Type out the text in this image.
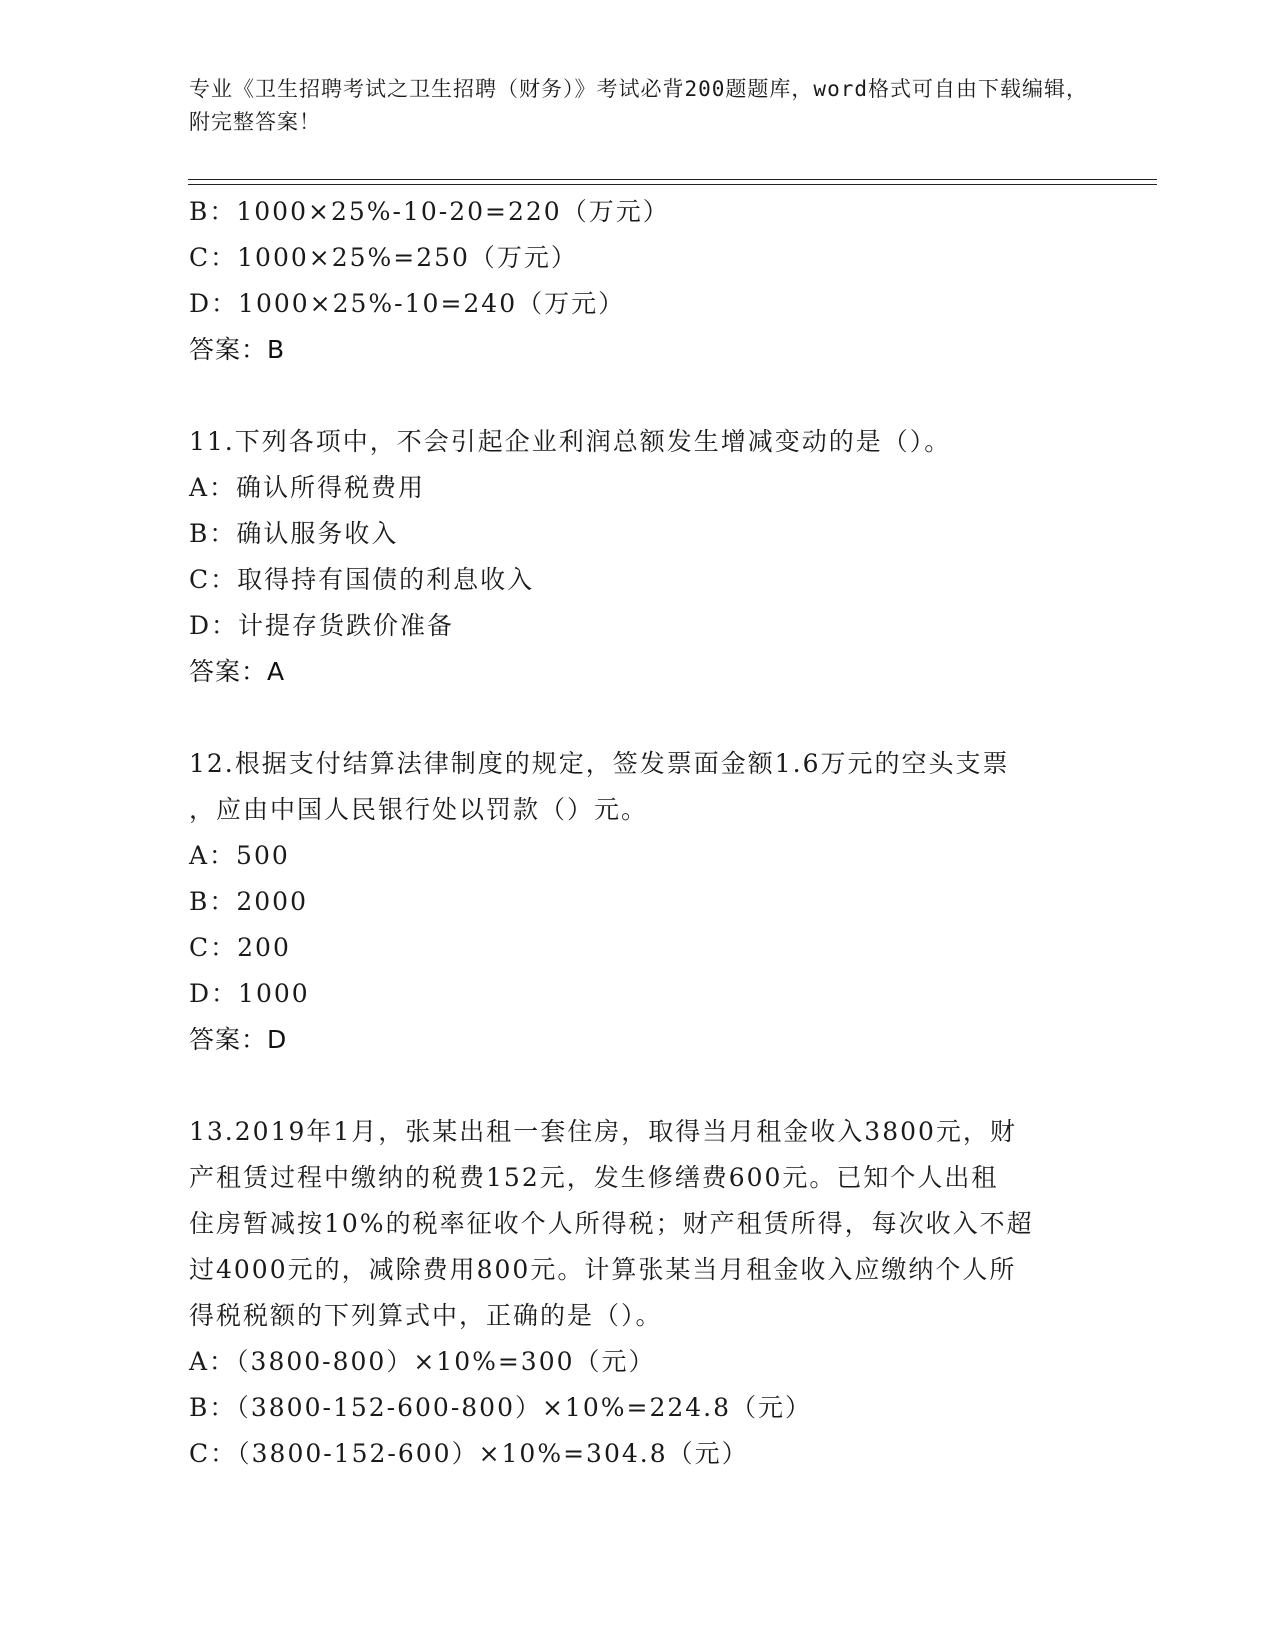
专业《卫生招聘考试之卫生招聘（财务）》考试必背200题题库，word格式可自由下载编辑，附完整答案！
B：1000×25%-10-20=220（万元）
C：1000×25%=250（万元）
D：1000×25%-10=240（万元）
答案：B
11.下列各项中，不会引起企业利润总额发生增减变动的是（）。
A：确认所得税费用
B：确认服务收入
C：取得持有国债的利息收入
D：计提存货跌价准备
答案：A
12.根据支付结算法律制度的规定，签发票面金额1.6万元的空头支票
，应由中国人民银行处以罚款（）元。
A：500
B：2000
C：200
D：1000
答案：D
13.2019年1月，张某出租一套住房，取得当月租金收入3800元，财
产租赁过程中缴纳的税费152元，发生修缮费600元。已知个人出租
住房暂减按10%的税率征收个人所得税；财产租赁所得，每次收入不超
过4000元的，减除费用800元。计算张某当月租金收入应缴纳个人所
得税税额的下列算式中，正确的是（）。
A：（3800-800）×10%=300（元）
B：（3800-152-600-800）×10%=224.8（元）
C：（3800-152-600）×10%=304.8（元）
